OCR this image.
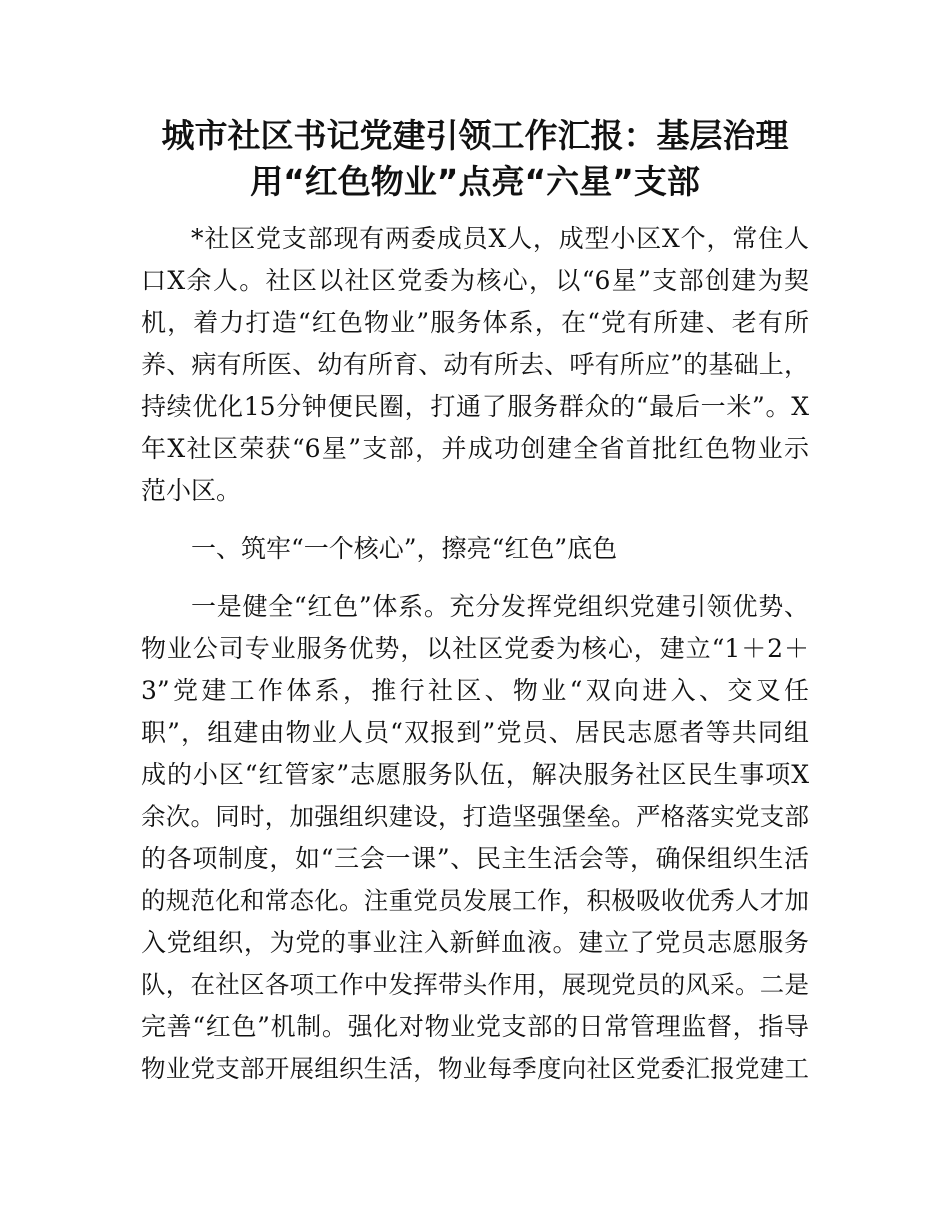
城市社区书记党建引领工作汇报：基层治理
用“红色物业”点亮“六星”支部
*社区党支部现有两委成员X人，成型小区X个，常住人
口X余人。社区以社区党委为核心，以“6星”支部创建为契
机，着力打造“红色物业”服务体系，在“党有所建、老有所
养、病有所医、幼有所育、动有所去、呼有所应”的基础上，
持续优化15分钟便民圈，打通了服务群众的“最后一米”。X
年X社区荣获“6星”支部，并成功创建全省首批红色物业示
范小区。
一、筑牢“一个核心”，擦亮“红色”底色
一是健全“红色”体系。充分发挥党组织党建引领优势、
物业公司专业服务优势，以社区党委为核心，建立“1＋2＋
3”党建工作体系，推行社区、物业“双向进入、交叉任
职”，组建由物业人员“双报到”党员、居民志愿者等共同组
成的小区“红管家”志愿服务队伍，解决服务社区民生事项X
余次。同时，加强组织建设，打造坚强堡垒。严格落实党支部
的各项制度，如“三会一课”、民主生活会等，确保组织生活
的规范化和常态化。注重党员发展工作，积极吸收优秀人才加
入党组织，为党的事业注入新鲜血液。建立了党员志愿服务
队，在社区各项工作中发挥带头作用，展现党员的风采。二是
完善“红色”机制。强化对物业党支部的日常管理监督，指导
物业党支部开展组织生活，物业每季度向社区党委汇报党建工
